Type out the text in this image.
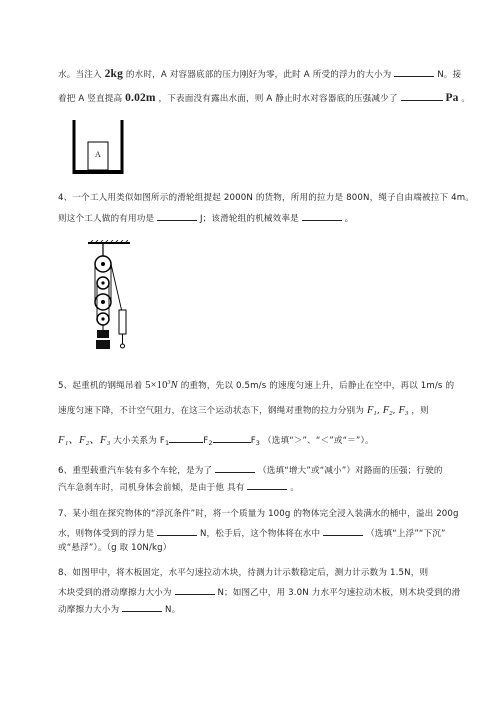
水。当注入 2kg 的水时，A 对容器底部的压力刚好为零，此时 A 所受的浮力的大小为	N。接
着把 A 竖直提高 0.02m ，下表面没有露出水面，则 A 静止时水对容器底的压强减少了	Pa 。
A
4、一个工人用类似如图所示的滑轮组提起 2000N 的货物，所用的拉力是 800N，绳子自由端被拉下 4m。
则这个工人做的有用功是	J；该滑轮组的机械效率是	。
5、起重机的钢绳吊着 $5\times 10^3N$ 的重物，先以 0.5m/s 的速度匀速上升，后静止在空中，再以 1m/s 的
速度匀速下降，不计空气阻力，在这三个运动状态下，钢绳对重物的拉力分别为 $F_1$, $F_2$, $F_3$ ，则
F₁、F₂、F₃ 大小关系为 $F_1$	$F_2$	$F_3$ （选填“＞”、“＜”或“＝”）。
6、重型载重汽车装有多个车轮，是为了	（选填“增大”或“减小”）对路面的压强；行驶的
汽车急刹车时，司机身体会前倾，是由于他 具有	。
7、某小组在探究物体的“浮沉条件”时，将一个质量为 100g 的物体完全浸入装满水的桶中，溢出 200g
水，则物体受到的浮力是	N，松手后，这个物体将在水中	（选填“上浮”“下沉”
或“悬浮”）。（g 取 10N/kg）
8、如图甲中，将木板固定，水平匀速拉动木块，待测力计示数稳定后，测力计示数为 1.5N，则
木块受到的滑动摩擦力大小为	N；如图乙中，用 3.0N 力水平匀速拉动木板，则木块受到的滑
动摩擦力大小为	N。
